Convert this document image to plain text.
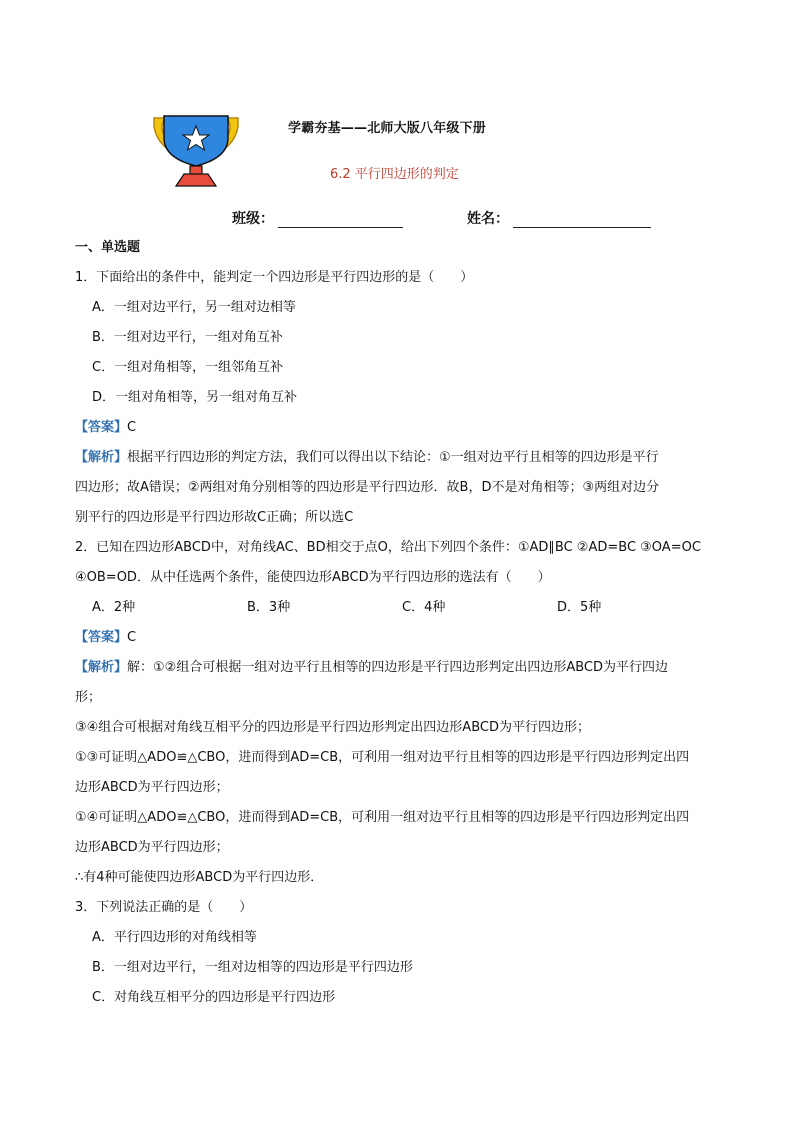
学霸夯基——北师大版八年级下册
6.2 平行四边形的判定
班级：	姓名：
一、单选题
1．下面给出的条件中，能判定一个四边形是平行四边形的是（　　）
A．一组对边平行，另一组对边相等
B．一组对边平行，一组对角互补
C．一组对角相等，一组邻角互补
D．一组对角相等，另一组对角互补
【答案】C
【解析】根据平行四边形的判定方法，我们可以得出以下结论：①一组对边平行且相等的四边形是平行
四边形；故A错误；②两组对角分别相等的四边形是平行四边形．故B，D不是对角相等；③两组对边分
别平行的四边形是平行四边形故C正确；所以选C
2．已知在四边形ABCD中，对角线AC、BD相交于点O，给出下列四个条件：①AD∥BC ②AD=BC ③OA=OC
④OB=OD．从中任选两个条件，能使四边形ABCD为平行四边形的选法有（　　）
A．2种	B．3种	C．4种	D．5种
【答案】C
【解析】解：①②组合可根据一组对边平行且相等的四边形是平行四边形判定出四边形ABCD为平行四边
形；
③④组合可根据对角线互相平分的四边形是平行四边形判定出四边形ABCD为平行四边形；
①③可证明△ADO≌△CBO，进而得到AD=CB，可利用一组对边平行且相等的四边形是平行四边形判定出四
边形ABCD为平行四边形；
①④可证明△ADO≌△CBO，进而得到AD=CB，可利用一组对边平行且相等的四边形是平行四边形判定出四
边形ABCD为平行四边形；
∴有4种可能使四边形ABCD为平行四边形．
3．下列说法正确的是（　　）
A．平行四边形的对角线相等
B．一组对边平行，一组对边相等的四边形是平行四边形
C．对角线互相平分的四边形是平行四边形
